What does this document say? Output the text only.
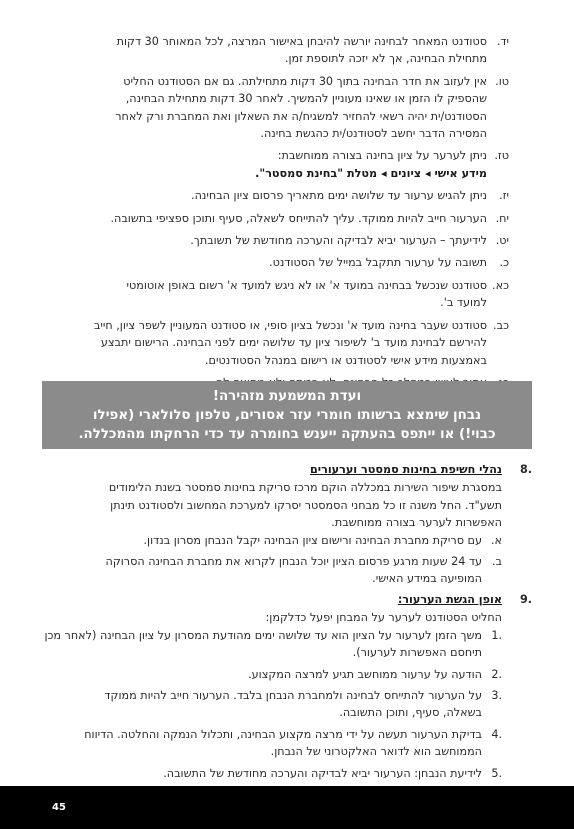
יד.
סטודנט המאחר לבחינה יורשה להיבחן באישור המרצה, לכל המאוחר 30 דקות
מתחילת הבחינה, אך לא יזכה לתוספת זמן.
טו.
אין לעזוב את חדר הבחינה בתוך 30 דקות מתחילתה. גם אם הסטודנט החליט
שהספיק לו הזמן או שאינו מעוניין להמשיך. לאחר 30 דקות מתחילת הבחינה,
הסטודנט/ית יהיה רשאי להחזיר למשגיח/ה את השאלון ואת המחברת ורק לאחר
המסירה הדבר יחשב לסטודנט/ית כהגשת בחינה.
טז.
ניתן לערער על ציון בחינה בצורה ממוחשבת:
מידע אישי ◂ ציונים ◂ מטלת "בחינת סמסטר".
יז.
ניתן להגיש ערעור עד שלושה ימים מתאריך פרסום ציון הבחינה.
יח.
הערעור חייב להיות ממוקד. עליך להתייחס לשאלה, סעיף ותוכן ספציפי בתשובה.
יט.
לידיעתך – הערעור יביא לבדיקה והערכה מחודשת של תשובתך.
כ.
תשובה על ערעור תתקבל במייל של הסטודנט.
כא.
סטודנט שנכשל בבחינה במועד א' או לא ניגש למועד א' רשום באופן אוטומטי
למועד ב'.
כב.
סטודנט שעבר בחינה מועד א' ונכשל בציון סופי, או סטודנט המעוניין לשפר ציון, חייב
להירשם לבחינת מועד ב' לשיפור ציון עד שלושה ימים לפני הבחינה. הרישום יתבצע
באמצעות מידע אישי לסטודנט או רישום במנהל הסטודנטים.
ועדת המשמעת מזהירה!
נבחן שימצא ברשותו חומרי עזר אסורים, טלפון סלולארי (אפילו
כבוי!) או ייתפס בהעתקה ייענש בחומרה עד כדי הרחקתו מהמכללה.
.8
נהלי חשיפת בחינות סמסטר וערעורים
במסגרת שיפור השירות במכללה הוקם מרכז סריקת בחינות סמסטר בשנת הלימודים
תשע"ד. החל משנה זו כל מבחני הסמסטר יסרקו למערכת המחשוב ולסטודנט תינתן
האפשרות לערער בצורה ממוחשבת.
א.
עם סריקת מחברת הבחינה ורישום ציון הבחינה יקבל הנבחן מסרון בנדון.
ב.
עד 24 שעות מרגע פרסום הציון יוכל הנבחן לקרוא את מחברת הבחינה הסרוקה
המופיעה במידע האישי.
.9
אופן הגשת הערעור:
החליט הסטודנט לערער על המבחן יפעל כדלקמן:
.1
משך הזמן לערעור על הציון הוא עד שלושה ימים מהודעת המסרון על ציון הבחינה (לאחר מכן
תיחסם האפשרות לערעור).
.2
הודעה על ערעור ממוחשב תגיע למרצה המקצוע.
.3
על הערעור להתייחס לבחינה ולמחברת הנבחן בלבד. הערעור חייב להיות ממוקד
בשאלה, סעיף, ותוכן התשובה.
.4
בדיקת הערעור תעשה על ידי מרצה מקצוע הבחינה, ותכלול הנמקה והחלטה. הדיווח
הממוחשב הוא לדואר האלקטרוני של הנבחן.
.5
לידיעת הנבחן: הערעור יביא לבדיקה והערכה מחודשת של התשובה.
45
